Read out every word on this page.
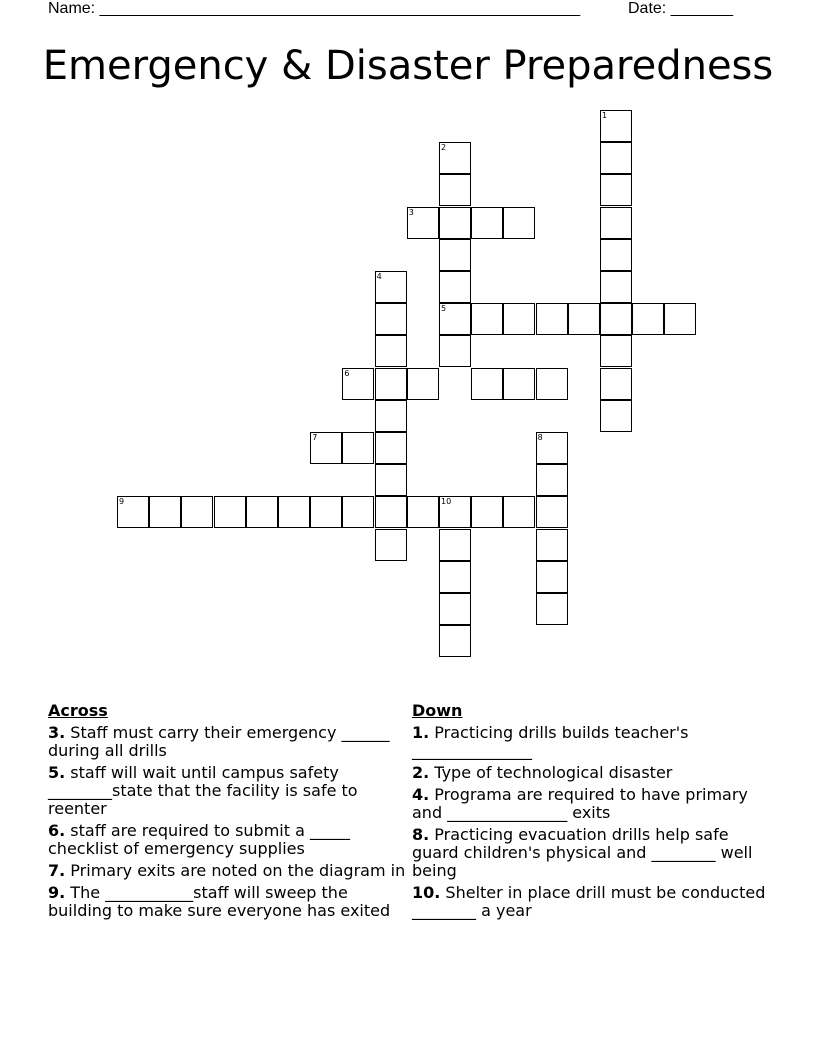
Name: ______________________________________________________	Date: _______
Emergency & Disaster Preparedness
1
2
5
3
4
6
7	8
9	10
Across
3. Staff must carry their emergency ______ during all drills
5. staff will wait until campus safety ________state that the facility is safe to reenter
6. staff are required to submit a _____ checklist of emergency supplies
7. Primary exits are noted on the diagram in
9. The ___________staff will sweep the building to make sure everyone has exited
Down
1. Practicing drills builds teacher's _______________
2. Type of technological disaster
4. Programa are required to have primary and _______________ exits
8. Practicing evacuation drills help safe guard children's physical and ________ well being
10. Shelter in place drill must be conducted ________ a year
